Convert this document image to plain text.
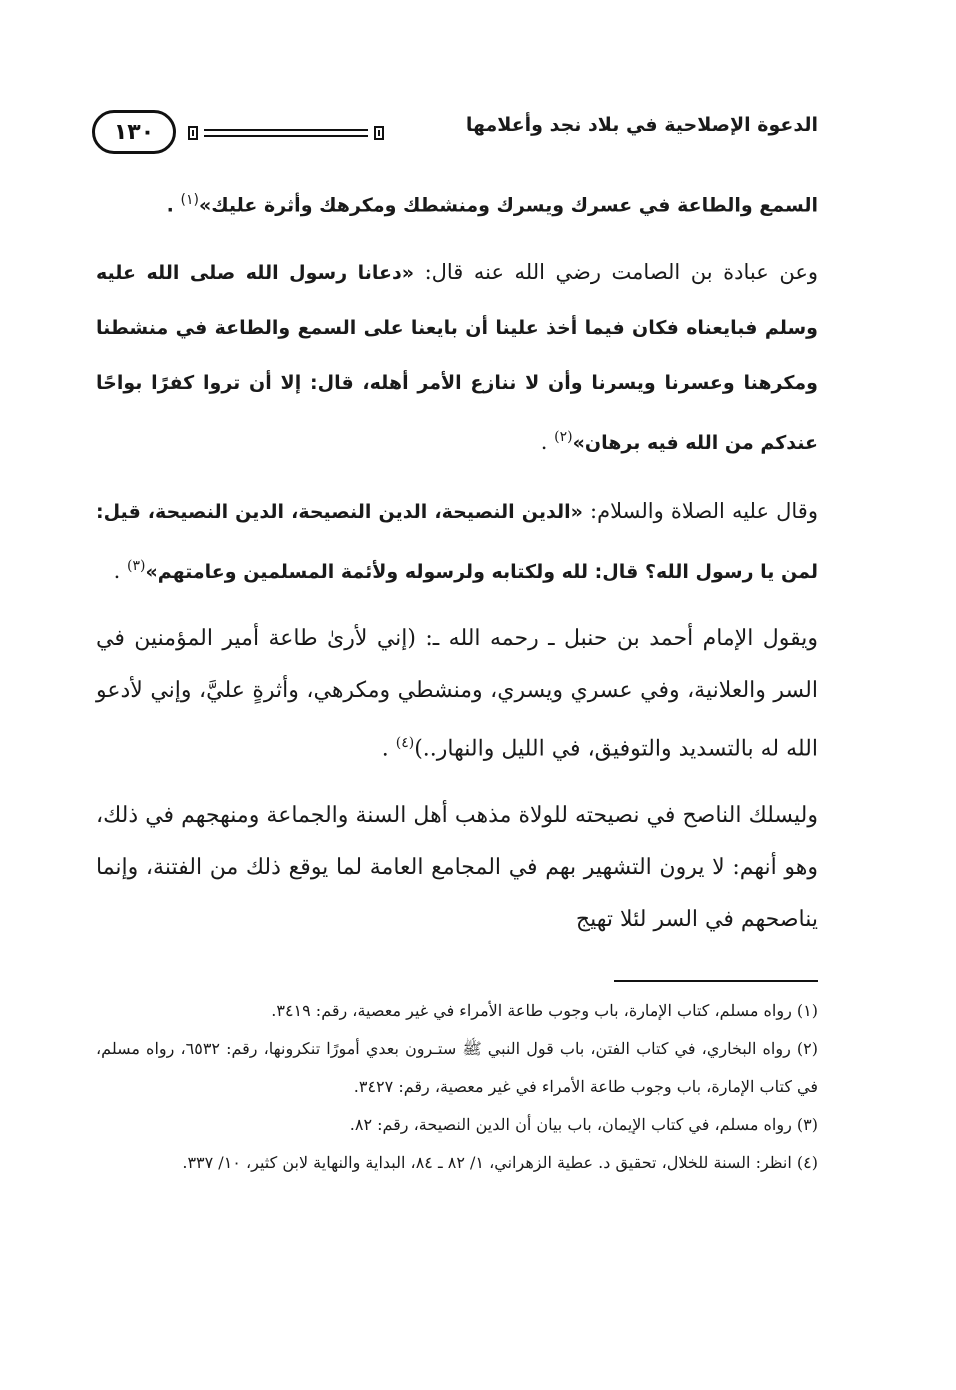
١٣٠	الدعوة الإصلاحية في بلاد نجد وأعلامها

السمع والطاعة في عسرك ويسرك ومنشطك ومكرهك وأثرة عليك»$^{(١)}$ .

وعن عبادة بن الصامت رضي الله عنه قال: «دعانا رسول الله صلى الله عليه وسلم فبايعناه فكان فيما أخذ علينا أن بايعنا على السمع والطاعة في منشطنا ومكرهنا وعسرنا ويسرنا وأن لا ننازع الأمر أهله، قال: إلا أن تروا كفرًا بواحًا عندكم من الله فيه برهان»$^{(٢)}$ .

وقال عليه الصلاة والسلام: «الدين النصيحة، الدين النصيحة، الدين النصيحة، قيل: لمن يا رسول الله؟ قال: لله ولكتابه ولرسوله ولأئمة المسلمين وعامتهم»$^{(٣)}$ .

ويقول الإمام أحمد بن حنبل ـ رحمه الله ـ: (إني لأرىٰ طاعة أمير المؤمنين في السر والعلانية، وفي عسري ويسري، ومنشطي ومكرهي، وأثرةٍ عليَّ، وإني لأدعو الله له بالتسديد والتوفيق، في الليل والنهار..)$^{(٤)}$ .

وليسلك الناصح في نصيحته للولاة مذهب أهل السنة والجماعة ومنهجهم في ذلك، وهو أنهم: لا يرون التشهير بهم في المجامع العامة لما يوقع ذلك من الفتنة، وإنما يناصحهم في السر لئلا تهيج

(١) رواه مسلم، كتاب الإمارة، باب وجوب طاعة الأمراء في غير معصية، رقم: ٣٤١٩.

(٢) رواه البخاري، في كتاب الفتن، باب قول النبي ﷺ ستـرون بعدي أمورًا تنكرونها، رقم: ٦٥٣٢، رواه مسلم، في كتاب الإمارة، باب وجوب طاعة الأمراء في غير معصية، رقم: ٣٤٢٧.

(٣) رواه مسلم، في كتاب الإيمان، باب بيان أن الدين النصيحة، رقم: ٨٢.

(٤) انظر: السنة للخلال، تحقيق د. عطية الزهراني، ١/ ٨٢ ـ ٨٤، البداية والنهاية لابن كثير، ١٠/ ٣٣٧.
